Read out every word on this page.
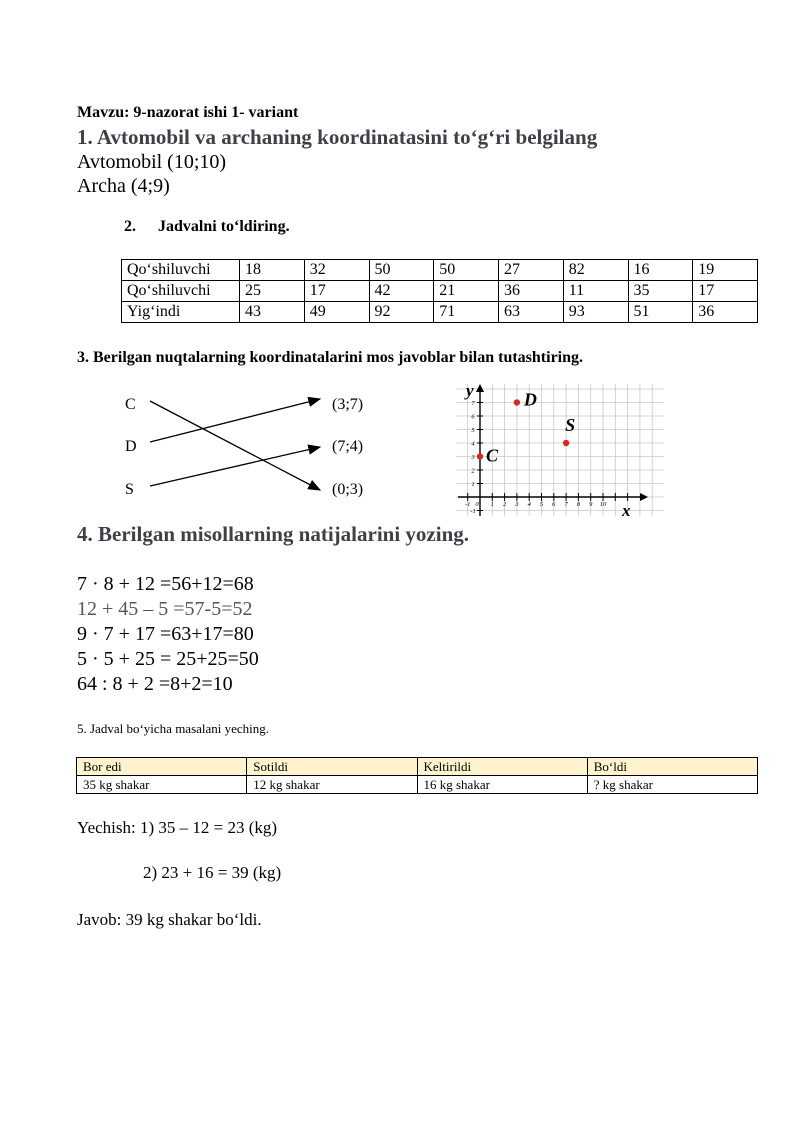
Mavzu: 9-nazorat ishi 1- variant
1. Avtomobil va archaning koordinatasini to‘g‘ri belgilang
Avtomobil (10;10)
Archa (4;9)
2. Jadvalni to‘ldiring.
Qo‘shiluvchi	18	32	50	50	27	82	16	19
Qo‘shiluvchi	25	17	42	21	36	11	35	17
Yig‘indi	43	49	92	71	63	93	51	36
3. Berilgan nuqtalarning koordinatalarini mos javoblar bilan tutashtiring.
C
D
S
(3;7)
(7;4)
(0;3)
-1 0 1 2 3 4 5 6 7 8 9 10
-1
1
2
3
4
5
6
7
y
x
C
D
S
4. Berilgan misollarning natijalarini yozing.
7 · 8 + 12 =56+12=68
12 + 45 – 5 =57-5=52
9 · 7 + 17 =63+17=80
5 · 5 + 25 = 25+25=50
64 : 8 + 2 =8+2=10
5. Jadval bo‘yicha masalani yeching.
Bor edi	Sotildi	Keltirildi	Bo‘ldi
35 kg shakar	12 kg shakar	16 kg shakar	? kg shakar
Yechish: 1) 35 – 12 = 23 (kg)
2) 23 + 16 = 39 (kg)
Javob: 39 kg shakar bo‘ldi.
